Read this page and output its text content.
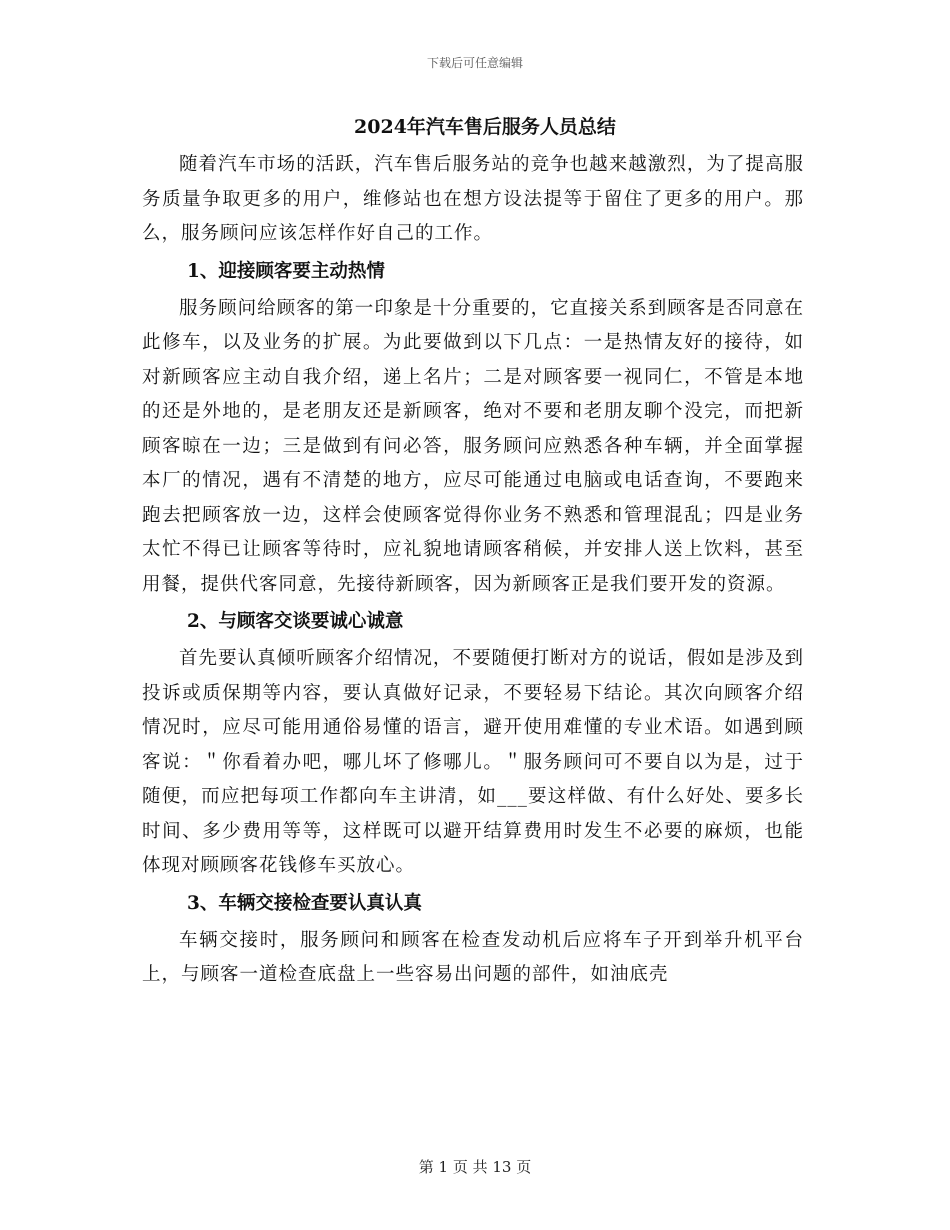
下载后可任意编辑
2024年汽车售后服务人员总结

随着汽车市场的活跃，汽车售后服务站的竞争也越来越激烈，为了提高服务质量争取更多的用户，维修站也在想方设法提等于留住了更多的用户。那么，服务顾问应该怎样作好自己的工作。

1、迎接顾客要主动热情

服务顾问给顾客的第一印象是十分重要的，它直接关系到顾客是否同意在此修车，以及业务的扩展。为此要做到以下几点：一是热情友好的接待，如对新顾客应主动自我介绍，递上名片；二是对顾客要一视同仁，不管是本地的还是外地的，是老朋友还是新顾客，绝对不要和老朋友聊个没完，而把新顾客晾在一边；三是做到有问必答，服务顾问应熟悉各种车辆，并全面掌握本厂的情况，遇有不清楚的地方，应尽可能通过电脑或电话查询，不要跑来跑去把顾客放一边，这样会使顾客觉得你业务不熟悉和管理混乱；四是业务太忙不得已让顾客等待时，应礼貌地请顾客稍候，并安排人送上饮料，甚至用餐，提供代客同意，先接待新顾客，因为新顾客正是我们要开发的资源。

2、与顾客交谈要诚心诚意

首先要认真倾听顾客介绍情况，不要随便打断对方的说话，假如是涉及到投诉或质保期等内容，要认真做好记录，不要轻易下结论。其次向顾客介绍情况时，应尽可能用通俗易懂的语言，避开使用难懂的专业术语。如遇到顾客说：＂你看着办吧，哪儿坏了修哪儿。＂服务顾问可不要自以为是，过于随便，而应把每项工作都向车主讲清，如___要这样做、有什么好处、要多长时间、多少费用等等，这样既可以避开结算费用时发生不必要的麻烦，也能体现对顾顾客花钱修车买放心。

3、车辆交接检查要认真认真

车辆交接时，服务顾问和顾客在检查发动机后应将车子开到举升机平台上，与顾客一道检查底盘上一些容易出问题的部件，如油底壳

第 1 页 共 13 页
